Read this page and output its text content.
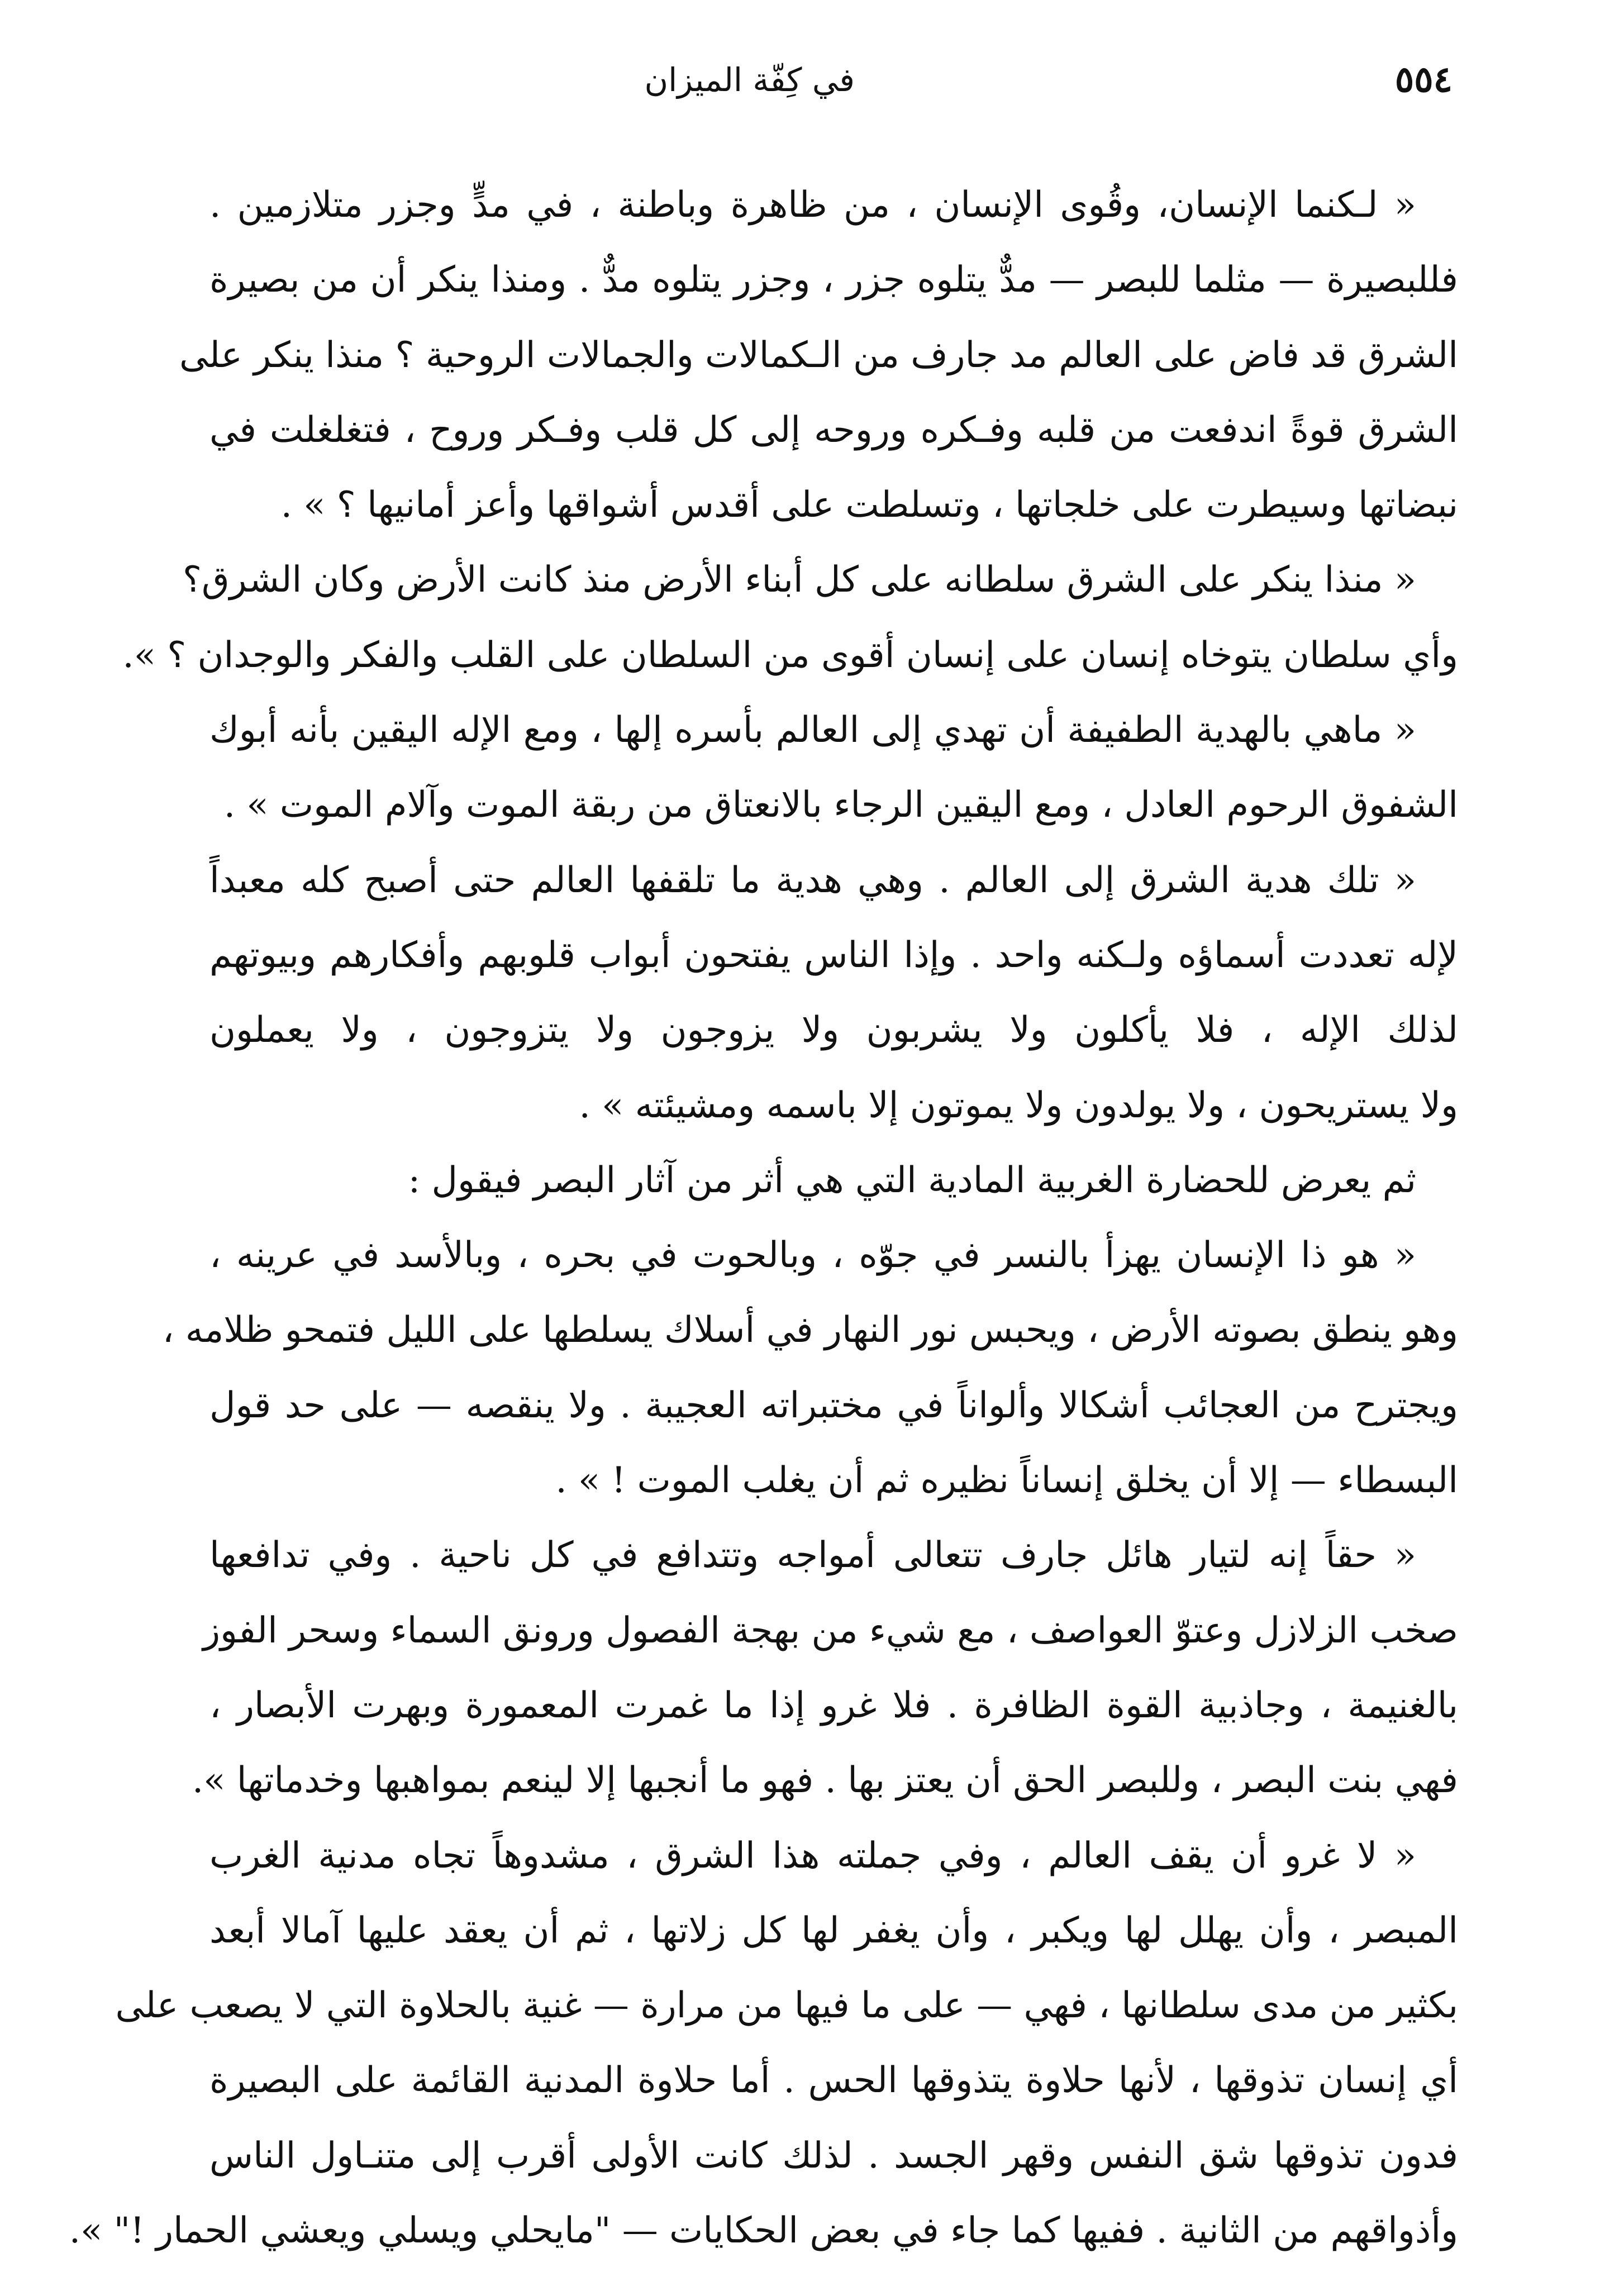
٥٥٤
في كِفّة الميزان
« لـكنما الإنسان، وقُوى الإنسان ، من ظاهرة وباطنة ، في مدٍّ وجزر متلازمين .
فللبصيرة — مثلما للبصر — مدٌّ يتلوه جزر ، وجزر يتلوه مدٌّ . ومنذا ينكر أن من بصيرة
الشرق قد فاض على العالم مد جارف من الـكمالات والجمالات الروحية ؟ منذا ينكر على
الشرق قوةً اندفعت من قلبه وفـكره وروحه إلى كل قلب وفـكر وروح ، فتغلغلت في
نبضاتها وسيطرت على خلجاتها ، وتسلطت على أقدس أشواقها وأعز أمانيها ؟ » .
« منذا ينكر على الشرق سلطانه على كل أبناء الأرض منذ كانت الأرض وكان الشرق؟
وأي سلطان يتوخاه إنسان على إنسان أقوى من السلطان على القلب والفكر والوجدان ؟ ».
« ماهي بالهدية الطفيفة أن تهدي إلى العالم بأسره إلها ، ومع الإله اليقين بأنه أبوك
الشفوق الرحوم العادل ، ومع اليقين الرجاء بالانعتاق من ربقة الموت وآلام الموت » .
« تلك هدية الشرق إلى العالم . وهي هدية ما تلقفها العالم حتى أصبح كله معبداً
لإله تعددت أسماؤه ولـكنه واحد . وإذا الناس يفتحون أبواب قلوبهم وأفكارهم وبيوتهم
لذلك الإله ، فلا يأكلون ولا يشربون ولا يزوجون ولا يتزوجون ، ولا يعملون
ولا يستريحون ، ولا يولدون ولا يموتون إلا باسمه ومشيئته » .
ثم يعرض للحضارة الغربية المادية التي هي أثر من آثار البصر فيقول :
« هو ذا الإنسان يهزأ بالنسر في جوّه ، وبالحوت في بحره ، وبالأسد في عرينه ،
وهو ينطق بصوته الأرض ، ويحبس نور النهار في أسلاك يسلطها على الليل فتمحو ظلامه ،
ويجترح من العجائب أشكالا وألواناً في مختبراته العجيبة . ولا ينقصه — على حد قول
البسطاء — إلا أن يخلق إنساناً نظيره ثم أن يغلب الموت ! » .
« حقاً إنه لتيار هائل جارف تتعالى أمواجه وتتدافع في كل ناحية . وفي تدافعها
صخب الزلازل وعتوّ العواصف ، مع شيء من بهجة الفصول ورونق السماء وسحر الفوز
بالغنيمة ، وجاذبية القوة الظافرة . فلا غرو إذا ما غمرت المعمورة وبهرت الأبصار ،
فهي بنت البصر ، وللبصر الحق أن يعتز بها . فهو ما أنجبها إلا لينعم بمواهبها وخدماتها ».
« لا غرو أن يقف العالم ، وفي جملته هذا الشرق ، مشدوهاً تجاه مدنية الغرب
المبصر ، وأن يهلل لها ويكبر ، وأن يغفر لها كل زلاتها ، ثم أن يعقد عليها آمالا أبعد
بكثير من مدى سلطانها ، فهي — على ما فيها من مرارة — غنية بالحلاوة التي لا يصعب على
أي إنسان تذوقها ، لأنها حلاوة يتذوقها الحس . أما حلاوة المدنية القائمة على البصيرة
فدون تذوقها شق النفس وقهر الجسد . لذلك كانت الأولى أقرب إلى متنـاول الناس
وأذواقهم من الثانية . ففيها كما جاء في بعض الحكايات — "مايحلي ويسلي ويعشي الحمار !" ».
